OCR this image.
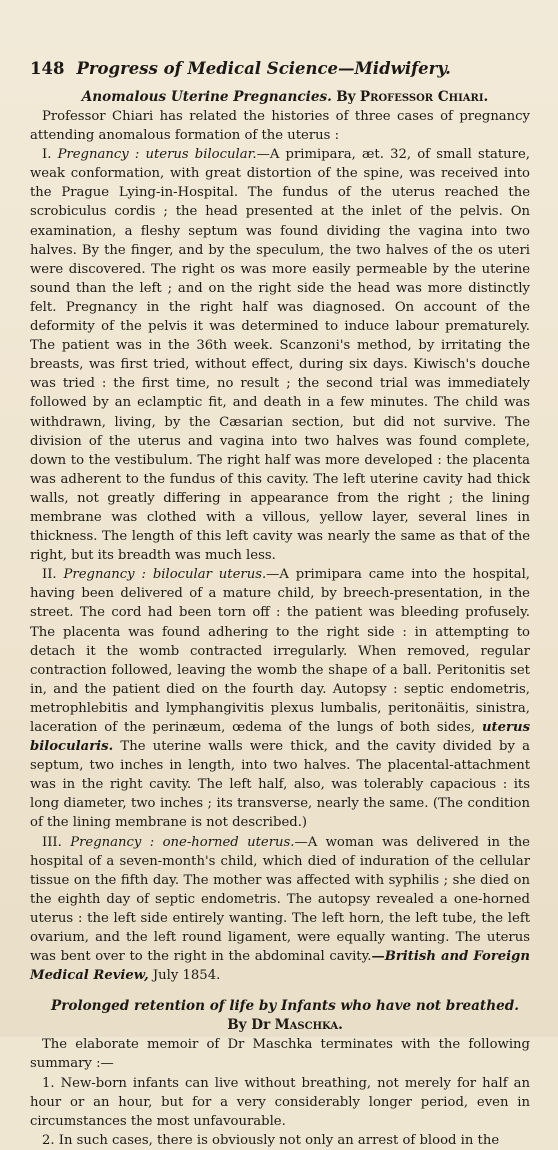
148 Progress of Medical Science—Midwifery.
Anomalous Uterine Pregnancies. By Professor Chiari.

Professor Chiari has related the histories of three cases of pregnancy attending anomalous formation of the uterus :

I. Pregnancy : uterus bilocular.—A primipara, æt. 32, of small stature, weak conformation, with great distortion of the spine, was received into the Prague Lying-in-Hospital. The fundus of the uterus reached the scrobiculus cordis ; the head presented at the inlet of the pelvis. On examination, a fleshy septum was found dividing the vagina into two halves. By the finger, and by the speculum, the two halves of the os uteri were discovered. The right os was more easily permeable by the uterine sound than the left ; and on the right side the head was more distinctly felt. Pregnancy in the right half was diagnosed. On account of the deformity of the pelvis it was determined to induce labour prematurely. The patient was in the 36th week. Scanzoni's method, by irritating the breasts, was first tried, without effect, during six days. Kiwisch's douche was tried : the first time, no result ; the second trial was immediately followed by an eclamptic fit, and death in a few minutes. The child was withdrawn, living, by the Cæsarian section, but did not survive. The division of the uterus and vagina into two halves was found complete, down to the vestibulum. The right half was more developed : the placenta was adherent to the fundus of this cavity. The left uterine cavity had thick walls, not greatly differing in appearance from the right ; the lining membrane was clothed with a villous, yellow layer, several lines in thickness. The length of this left cavity was nearly the same as that of the right, but its breadth was much less.

II. Pregnancy : bilocular uterus.—A primipara came into the hospital, having been delivered of a mature child, by breech-presentation, in the street. The cord had been torn off : the patient was bleeding profusely. The placenta was found adhering to the right side : in attempting to detach it the womb contracted irregularly. When removed, regular contraction followed, leaving the womb the shape of a ball. Peritonitis set in, and the patient died on the fourth day. Autopsy : septic endometris, metrophlebitis and lymphangivitis plexus lumbalis, peritonäitis, sinistra, laceration of the perinæum, œdema of the lungs of both sides, uterus bilocularis. The uterine walls were thick, and the cavity divided by a septum, two inches in length, into two halves. The placental-attachment was in the right cavity. The left half, also, was tolerably capacious : its long diameter, two inches ; its transverse, nearly the same. (The condition of the lining membrane is not described.)

III. Pregnancy : one-horned uterus.—A woman was delivered in the hospital of a seven-month's child, which died of induration of the cellular tissue on the fifth day. The mother was affected with syphilis ; she died on the eighth day of septic endometris. The autopsy revealed a one-horned uterus : the left side entirely wanting. The left horn, the left tube, the left ovarium, and the left round ligament, were equally wanting. The uterus was bent over to the right in the abdominal cavity.—British and Foreign Medical Review, July 1854.

Prolonged retention of life by Infants who have not breathed.
By Dr Maschka.

The elaborate memoir of Dr Maschka terminates with the following summary :—

1. New-born infants can live without breathing, not merely for half an hour or an hour, but for a very considerably longer period, even in circumstances the most unfavourable.

2. In such cases, there is obviously not only an arrest of blood in the
